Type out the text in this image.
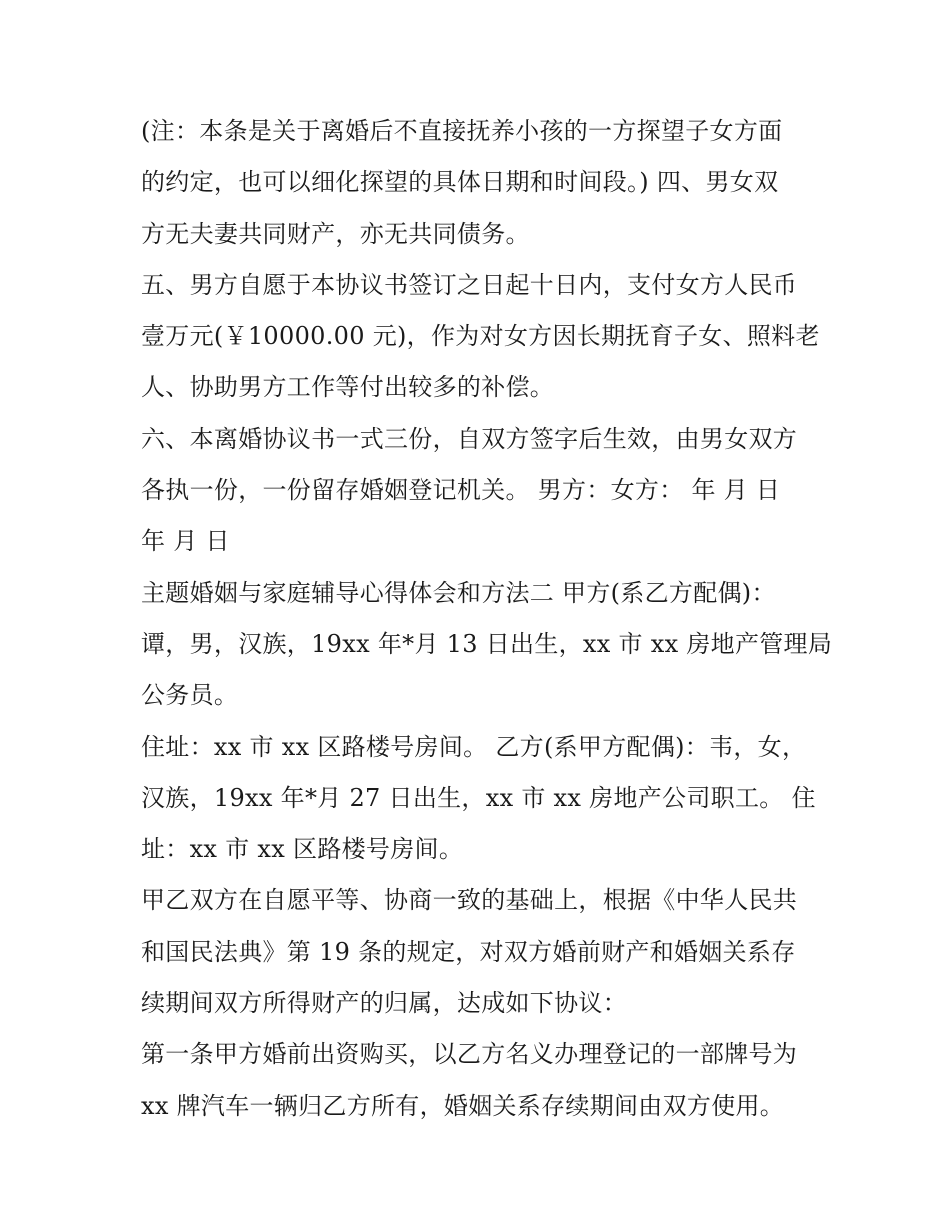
(注：本条是关于离婚后不直接抚养小孩的一方探望子女方面
的约定，也可以细化探望的具体日期和时间段。) 四、男女双
方无夫妻共同财产，亦无共同债务。
五、男方自愿于本协议书签订之日起十日内，支付女方人民币
壹万元(￥10000.00 元)，作为对女方因长期抚育子女、照料老
人、协助男方工作等付出较多的补偿。
六、本离婚协议书一式三份，自双方签字后生效，由男女双方
各执一份，一份留存婚姻登记机关。 男方：女方： 年 月 日
年 月 日
主题婚姻与家庭辅导心得体会和方法二 甲方(系乙方配偶)：
谭，男，汉族，19xx 年*月 13 日出生，xx 市 xx 房地产管理局
公务员。
住址：xx 市 xx 区路楼号房间。 乙方(系甲方配偶)：韦，女，
汉族，19xx 年*月 27 日出生，xx 市 xx 房地产公司职工。 住
址：xx 市 xx 区路楼号房间。
甲乙双方在自愿平等、协商一致的基础上，根据《中华人民共
和国民法典》第 19 条的规定，对双方婚前财产和婚姻关系存
续期间双方所得财产的归属，达成如下协议：
第一条甲方婚前出资购买，以乙方名义办理登记的一部牌号为
xx 牌汽车一辆归乙方所有，婚姻关系存续期间由双方使用。
